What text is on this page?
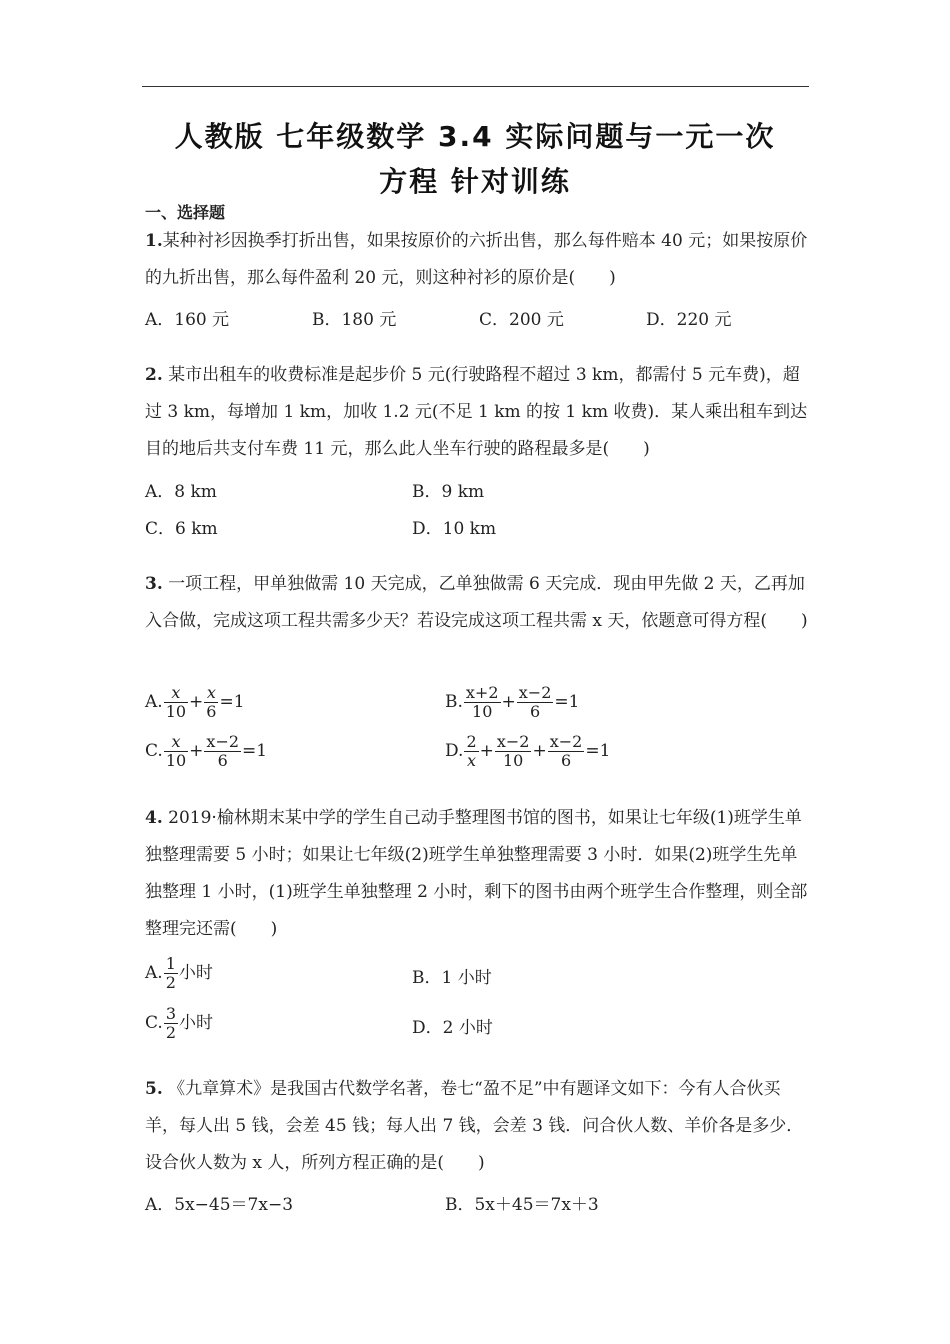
人教版 七年级数学 3.4 实际问题与一元一次
方程 针对训练
一、选择题
1.某种衬衫因换季打折出售，如果按原价的六折出售，那么每件赔本 40 元；如果按原价的九折出售，那么每件盈利 20 元，则这种衬衫的原价是(　　)
A．160 元	B．180 元	C．200 元	D．220 元
2. 某市出租车的收费标准是起步价 5 元(行驶路程不超过 3 km，都需付 5 元车费)，超过 3 km，每增加 1 km，加收 1.2 元(不足 1 km 的按 1 km 收费)．某人乘出租车到达目的地后共支付车费 11 元，那么此人坐车行驶的路程最多是(　　)
A．8 km	B．9 km
C．6 km	D．10 km
3. 一项工程，甲单独做需 10 天完成，乙单独做需 6 天完成．现由甲先做 2 天，乙再加入合做，完成这项工程共需多少天？若设完成这项工程共需 x 天，依题意可得方程(　　)
A. $\frac{x}{10} + \frac{x}{6} =1$	B. $\frac{x+2}{10} + \frac{x-2}{6} =1$
C. $\frac{x}{10} + \frac{x-2}{6} =1$	D. $\frac{2}{x} + \frac{x-2}{10} + \frac{x-2}{6} =1$
4. 2019·榆林期末某中学的学生自己动手整理图书馆的图书，如果让七年级(1)班学生单独整理需要 5 小时；如果让七年级(2)班学生单独整理需要 3 小时．如果(2)班学生先单独整理 1 小时，(1)班学生单独整理 2 小时，剩下的图书由两个班学生合作整理，则全部整理完还需(　　)
A. $\frac{1}{2}$ 小时	B．1 小时
C. $\frac{3}{2}$ 小时	D．2 小时
5. 《九章算术》是我国古代数学名著，卷七“盈不足”中有题译文如下：今有人合伙买羊，每人出 5 钱，会差 45 钱；每人出 7 钱，会差 3 钱．问合伙人数、羊价各是多少．设合伙人数为 x 人，所列方程正确的是(　　)
A．5x−45＝7x−3	B．5x＋45＝7x＋3
